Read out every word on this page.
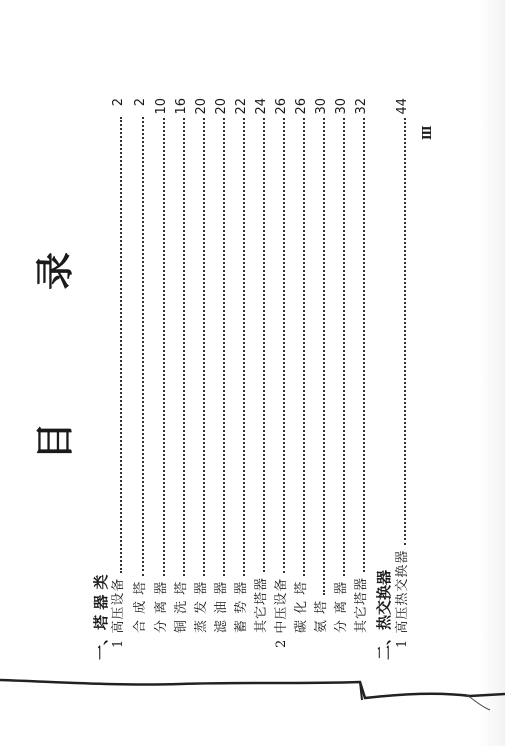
目
录
一、塔 器 类 1 高压设备
2
合 成 塔
2
分 离 器
10
铜 洗 塔
16
蒸 发 器
20
滤 油 器
20
蓄 势 器
22
其它塔器
24
2 中压设备
26
碳 化 塔
26
氨 塔
30
分 离 器
30
其它塔器
32
二、热交换器 1 高压热交换器
44
Ⅲ
